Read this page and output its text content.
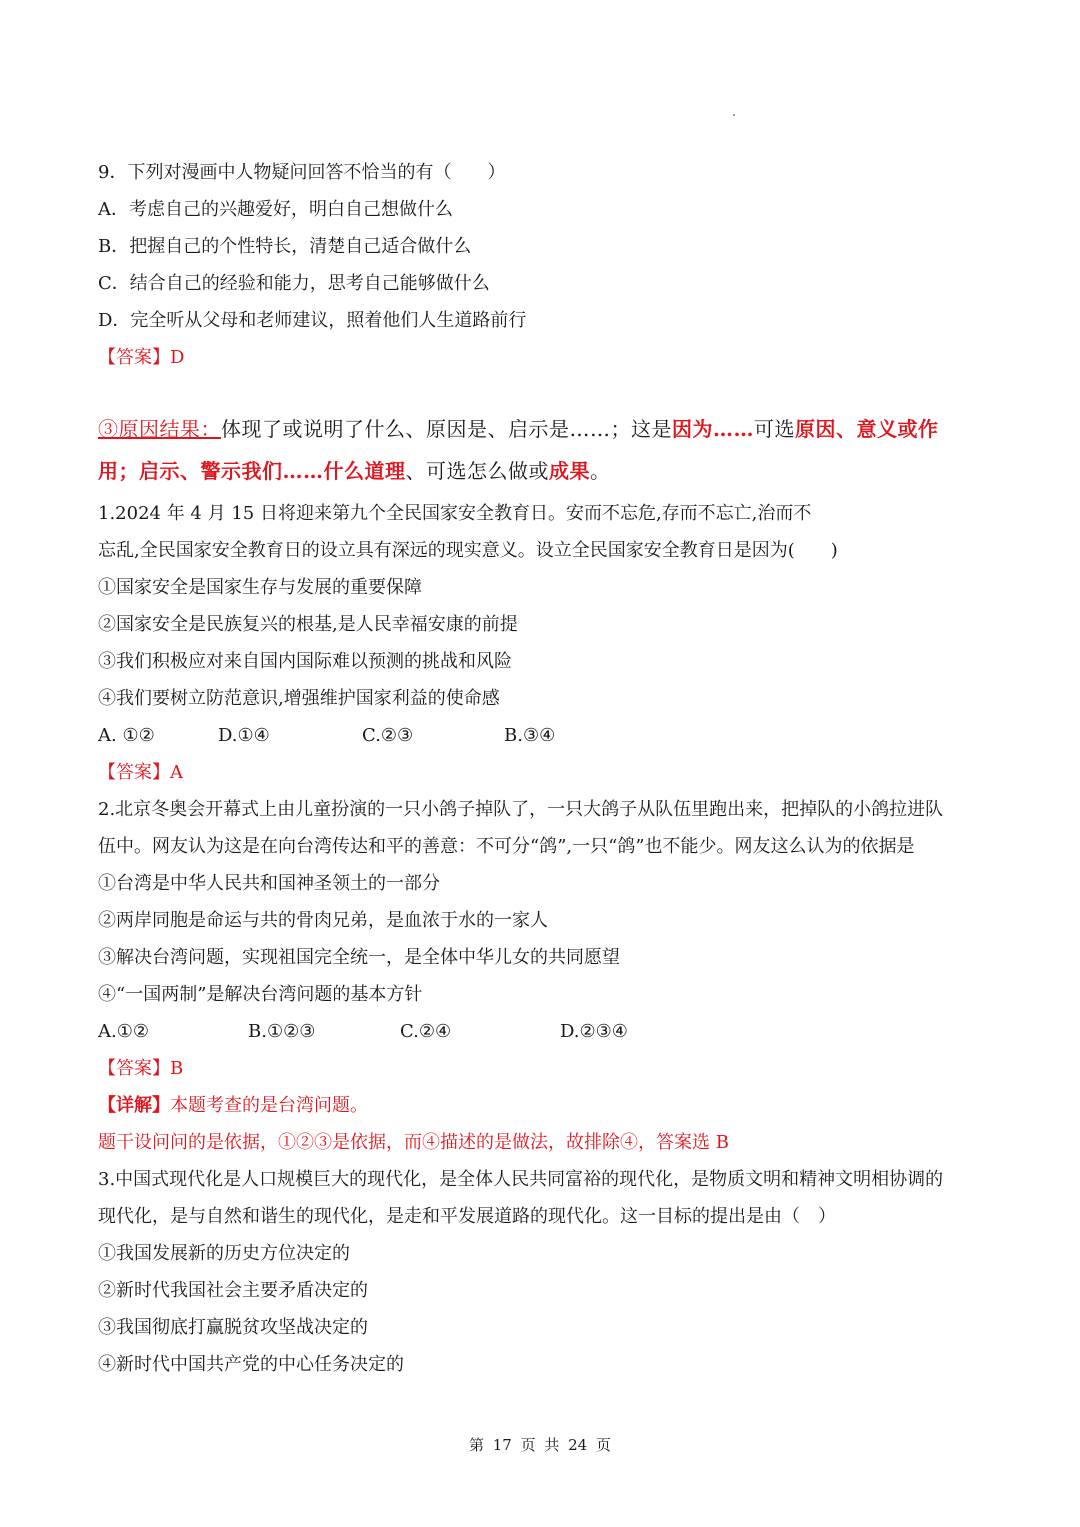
9．下列对漫画中人物疑问回答不恰当的有（　　）
A．考虑自己的兴趣爱好，明白自己想做什么
B．把握自己的个性特长，清楚自己适合做什么
C．结合自己的经验和能力，思考自己能够做什么
D．完全听从父母和老师建议，照着他们人生道路前行
【答案】D
③原因结果：体现了或说明了什么、原因是、启示是……；这是因为……可选原因、意义或作
用；启示、警示我们……什么道理、可选怎么做或成果。
1.2024 年 4 月 15 日将迎来第九个全民国家安全教育日。安而不忘危,存而不忘亡,治而不
忘乱,全民国家安全教育日的设立具有深远的现实意义。设立全民国家安全教育日是因为(　　)
①国家安全是国家生存与发展的重要保障
②国家安全是民族复兴的根基,是人民幸福安康的前提
③我们积极应对来自国内国际难以预测的挑战和风险
④我们要树立防范意识,增强维护国家利益的使命感
A. ①②	D.①④	C.②③	B.③④
【答案】A
2.北京冬奥会开幕式上由儿童扮演的一只小鸽子掉队了，一只大鸽子从队伍里跑出来，把掉队的小鸽拉进队
伍中。网友认为这是在向台湾传达和平的善意：不可分“鸽”,一只“鸽”也不能少。网友这么认为的依据是
①台湾是中华人民共和国神圣领土的一部分
②两岸同胞是命运与共的骨肉兄弟，是血浓于水的一家人
③解决台湾问题，实现祖国完全统一，是全体中华儿女的共同愿望
④“一国两制”是解决台湾问题的基本方针
A.①②	B.①②③	C.②④	D.②③④
【答案】B
【详解】本题考查的是台湾问题。
题干设问问的是依据，①②③是依据，而④描述的是做法，故排除④，答案选 B
3.中国式现代化是人口规模巨大的现代化，是全体人民共同富裕的现代化，是物质文明和精神文明相协调的
现代化，是与自然和谐生的现代化，是走和平发展道路的现代化。这一目标的提出是由（　）
①我国发展新的历史方位决定的
②新时代我国社会主要矛盾决定的
③我国彻底打赢脱贫攻坚战决定的
④新时代中国共产党的中心任务决定的
第 17 页 共 24 页
